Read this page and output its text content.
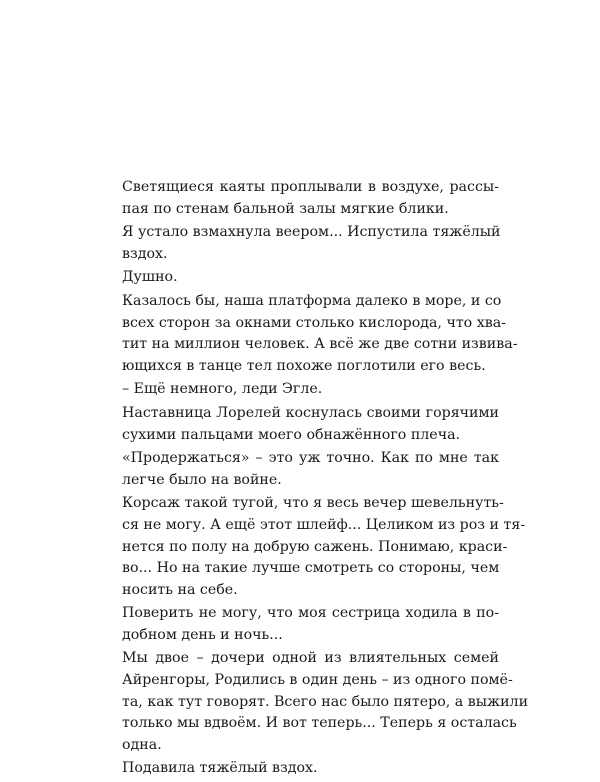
Светящиеся каяты проплывали в воздухе, рассы-
пая по стенам бальной залы мягкие блики.

Я устало взмахнула веером... Испустила тяжёлый
вздох.

Душно.

Казалось бы, наша платформа далеко в море, и со
всех сторон за окнами столько кислорода, что хва-
тит на миллион человек. А всё же две сотни извива-
ющихся в танце тел похоже поглотили его весь.

– Ещё немного, леди Эгле.

Наставница Лорелей коснулась своими горячими
сухими пальцами моего обнажённого плеча.

«Продержаться» – это уж точно. Как по мне так
легче было на войне.

Корсаж такой тугой, что я весь вечер шевельнуть-
ся не могу. А ещё этот шлейф... Целиком из роз и тя-
нется по полу на добрую сажень. Понимаю, краси-
во... Но на такие лучше смотреть со стороны, чем
носить на себе.

Поверить не могу, что моя сестрица ходила в по-
добном день и ночь...

Мы двое – дочери одной из влиятельных семей
Айренгоры, Родились в один день – из одного помё-
та, как тут говорят. Всего нас было пятеро, а выжили
только мы вдвоём. И вот теперь... Теперь я осталась
одна.

Подавила тяжёлый вздох.
